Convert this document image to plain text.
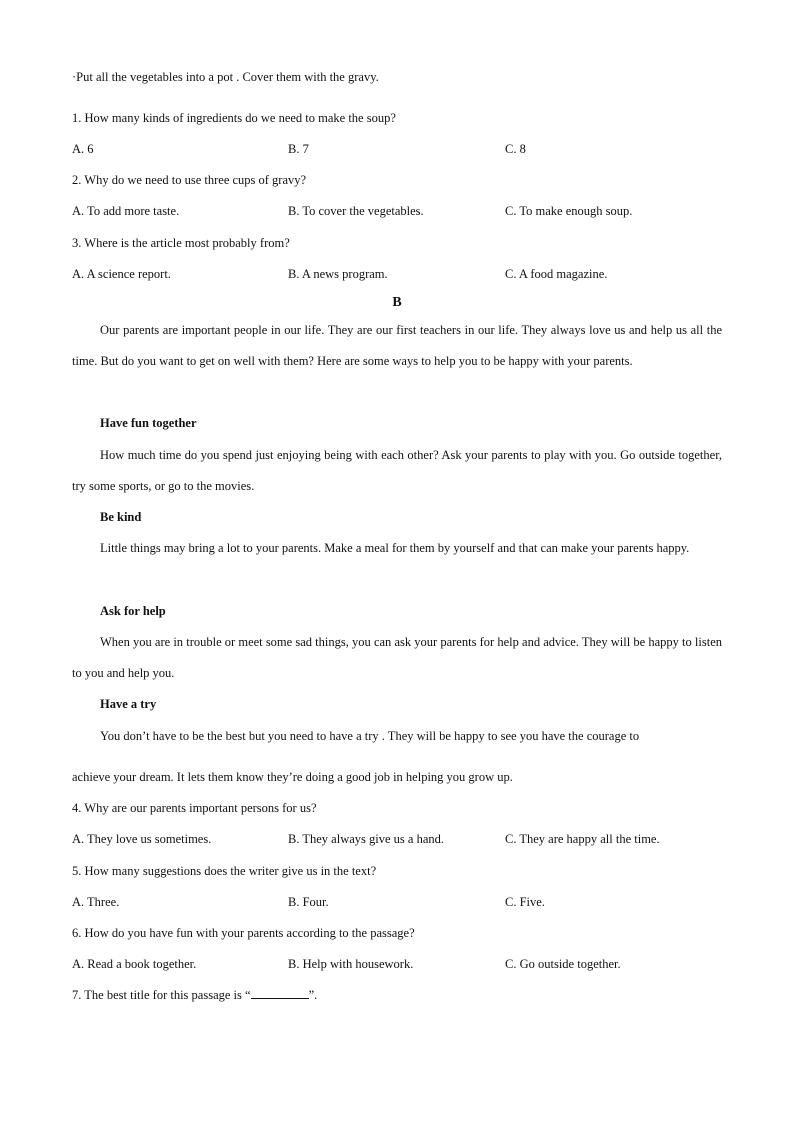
·Put all the vegetables into a pot . Cover them with the gravy.
1. How many kinds of ingredients do we need to make the soup?
A. 6	B. 7	C. 8
2. Why do we need to use three cups of gravy?
A. To add more taste.	B. To cover the vegetables.	C. To make enough soup.
3. Where is the article most probably from?
A. A science report.	B. A news program.	C. A food magazine.
B
Our parents are important people in our life. They are our first teachers in our life. They always love us and help us all the time. But do you want to get on well with them? Here are some ways to help you to be happy with your parents.
Have fun together
How much time do you spend just enjoying being with each other? Ask your parents to play with you. Go outside together, try some sports, or go to the movies.
Be kind
Little things may bring a lot to your parents. Make a meal for them by yourself and that can make your parents happy.
Ask for help
When you are in trouble or meet some sad things, you can ask your parents for help and advice. They will be happy to listen to you and help you.
Have a try
You don’t have to be the best but you need to have a try . They will be happy to see you have the courage to
achieve your dream. It lets them know they’re doing a good job in helping you grow up.
4. Why are our parents important persons for us?
A. They love us sometimes.	B. They always give us a hand.	C. They are happy all the time.
5. How many suggestions does the writer give us in the text?
A. Three.	B. Four.	C. Five.
6. How do you have fun with your parents according to the passage?
A. Read a book together.	B. Help with housework.	C. Go outside together.
7. The best title for this passage is “	”.
